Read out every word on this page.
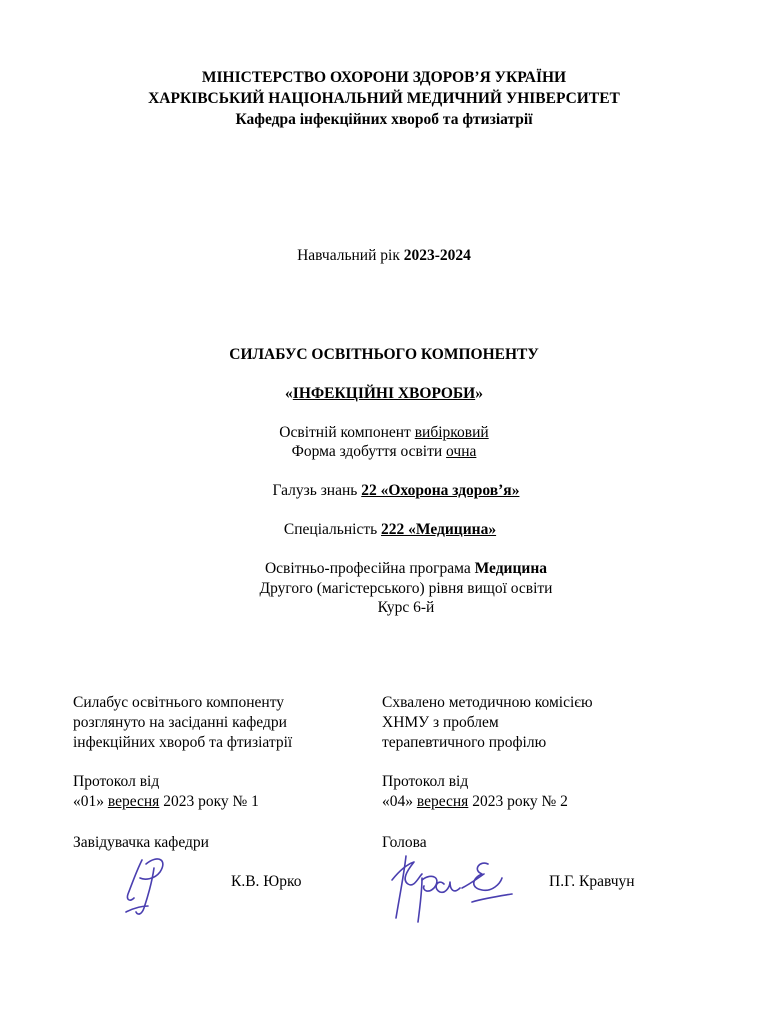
МІНІСТЕРСТВО ОХОРОНИ ЗДОРОВ’Я УКРАЇНИ
ХАРКІВСЬКИЙ НАЦІОНАЛЬНИЙ МЕДИЧНИЙ УНІВЕРСИТЕТ
Кафедра інфекційних хвороб та фтизіатрії
Навчальний рік 2023-2024
СИЛАБУС ОСВІТНЬОГО КОМПОНЕНТУ
«ІНФЕКЦІЙНІ ХВОРОБИ»
Освітній компонент вибірковий
Форма здобуття освіти очна
Галузь знань 22 «Охорона здоров’я»
Спеціальність 222 «Медицина»
Освітньо-професійна програма Медицина
Другого (магістерського) рівня вищої освіти
Курс 6-й
Силабус освітнього компоненту
розглянуто на засіданні кафедри
інфекційних хвороб та фтизіатрії
Протокол від
«01» вересня 2023 року № 1
Завідувачка кафедри
К.В. Юрко
Схвалено методичною комісією
ХНМУ з проблем
терапевтичного профілю
Протокол від
«04» вересня 2023 року № 2
Голова
П.Г. Кравчун
